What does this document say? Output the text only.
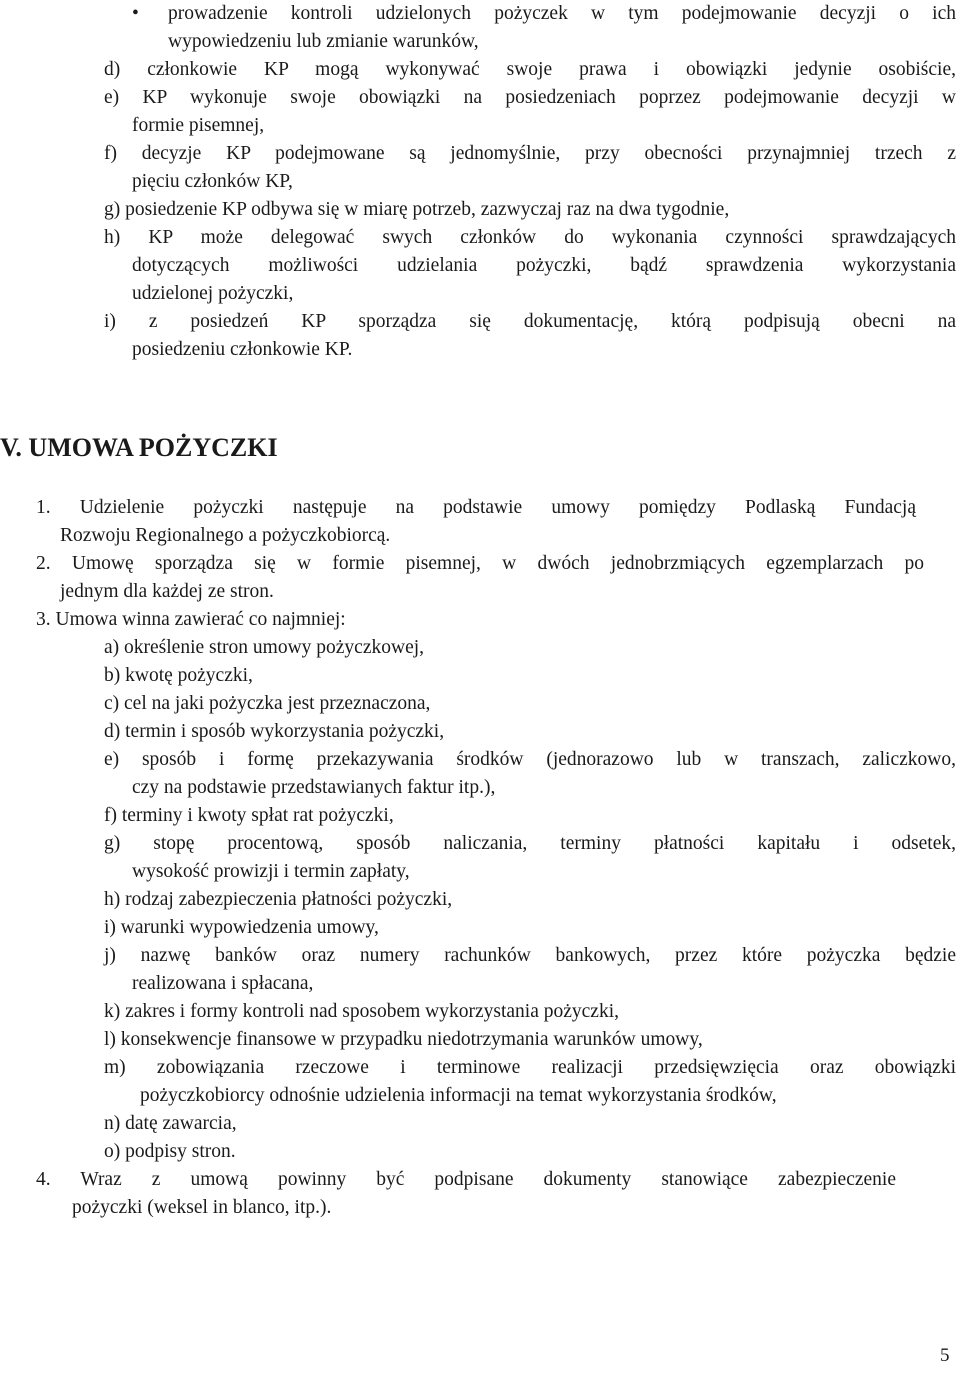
• prowadzenie kontroli udzielonych pożyczek w tym podejmowanie decyzji o ich
wypowiedzeniu lub zmianie warunków,
d) członkowie KP mogą wykonywać swoje prawa i obowiązki jedynie osobiście,
e) KP wykonuje swoje obowiązki na posiedzeniach poprzez podejmowanie decyzji w
formie pisemnej,
f) decyzje KP podejmowane są jednomyślnie, przy obecności przynajmniej trzech z
pięciu członków KP,
g) posiedzenie KP odbywa się w miarę potrzeb, zazwyczaj raz na dwa tygodnie,
h) KP może delegować swych członków do wykonania czynności sprawdzających
dotyczących możliwości udzielania pożyczki, bądź sprawdzenia wykorzystania
udzielonej pożyczki,
i) z posiedzeń KP sporządza się dokumentację, którą podpisują obecni na
posiedzeniu członkowie KP.
V. UMOWA POŻYCZKI
1. Udzielenie pożyczki następuje na podstawie umowy pomiędzy Podlaską Fundacją
Rozwoju Regionalnego a pożyczkobiorcą.
2. Umowę sporządza się w formie pisemnej, w dwóch jednobrzmiących egzemplarzach po
jednym dla każdej ze stron.
3. Umowa winna zawierać co najmniej:
a) określenie stron umowy pożyczkowej,
b) kwotę pożyczki,
c) cel na jaki pożyczka jest przeznaczona,
d) termin i sposób wykorzystania pożyczki,
e) sposób i formę przekazywania środków (jednorazowo lub w transzach, zaliczkowo,
czy na podstawie przedstawianych faktur itp.),
f) terminy i kwoty spłat rat pożyczki,
g) stopę procentową, sposób naliczania, terminy płatności kapitału i odsetek,
wysokość prowizji i termin zapłaty,
h) rodzaj zabezpieczenia płatności pożyczki,
i) warunki wypowiedzenia umowy,
j) nazwę banków oraz numery rachunków bankowych, przez które pożyczka będzie
realizowana i spłacana,
k) zakres i formy kontroli nad sposobem wykorzystania pożyczki,
l) konsekwencje finansowe w przypadku niedotrzymania warunków umowy,
m) zobowiązania rzeczowe i terminowe realizacji przedsięwzięcia oraz obowiązki
pożyczkobiorcy odnośnie udzielenia informacji na temat wykorzystania środków,
n) datę zawarcia,
o) podpisy stron.
4. Wraz z umową powinny być podpisane dokumenty stanowiące zabezpieczenie
pożyczki (weksel in blanco, itp.).
5
